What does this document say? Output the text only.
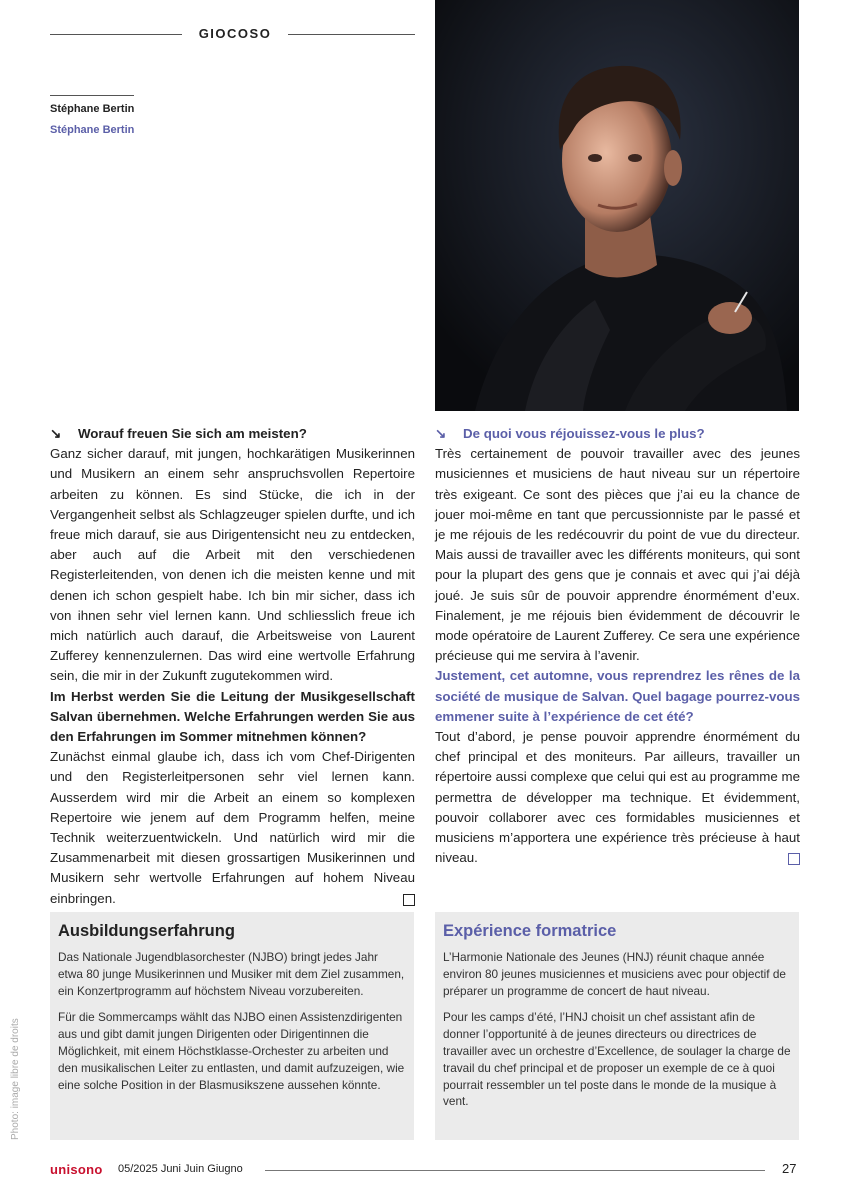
GIOCOSO
Stéphane Bertin
Stéphane Bertin

↘ Worauf freuen Sie sich am meisten?

Ganz sicher darauf, mit jungen, hochkarätigen Musikerinnen und Musikern an einem sehr anspruchsvollen Repertoire arbeiten zu können. Es sind Stücke, die ich in der Vergangenheit selbst als Schlagzeuger spielen durfte, und ich freue mich darauf, sie aus Dirigentensicht neu zu entdecken, aber auch auf die Arbeit mit den verschiedenen Registerleitenden, von denen ich die meisten kenne und mit denen ich schon gespielt habe. Ich bin mir sicher, dass ich von ihnen sehr viel lernen kann. Und schliesslich freue ich mich natürlich auch darauf, die Arbeitsweise von Laurent Zufferey kennenzulernen. Das wird eine wertvolle Erfahrung sein, die mir in der Zukunft zugutekommen wird.

Im Herbst werden Sie die Leitung der Musikgesellschaft Salvan übernehmen. Welche Erfahrungen werden Sie aus den Erfahrungen im Sommer mitnehmen können?

Zunächst einmal glaube ich, dass ich vom Chef-Dirigenten und den Registerleitpersonen sehr viel lernen kann. Ausserdem wird mir die Arbeit an einem so komplexen Repertoire wie jenem auf dem Programm helfen, meine Technik weiterzuentwickeln. Und natürlich wird mir die Zusammenarbeit mit diesen grossartigen Musikerinnen und Musikern sehr wertvolle Erfahrungen auf hohem Niveau einbringen.

↘ De quoi vous réjouissez-vous le plus?

Très certainement de pouvoir travailler avec des jeunes musiciennes et musiciens de haut niveau sur un répertoire très exigeant. Ce sont des pièces que j’ai eu la chance de jouer moi-même en tant que percussionniste par le passé et je me réjouis de les redécouvrir du point de vue du directeur. Mais aussi de travailler avec les différents moniteurs, qui sont pour la plupart des gens que je connais et avec qui j’ai déjà joué. Je suis sûr de pouvoir apprendre énormément d’eux. Finalement, je me réjouis bien évidemment de découvrir le mode opératoire de Laurent Zufferey. Ce sera une expérience précieuse qui me servira à l’avenir.

Justement, cet automne, vous reprendrez les rênes de la société de musique de Salvan. Quel bagage pourrez-vous emmener suite à l’expérience de cet été?

Tout d’abord, je pense pouvoir apprendre énormément du chef principal et des moniteurs. Par ailleurs, travailler un répertoire aussi complexe que celui qui est au programme me permettra de développer ma technique. Et évidemment, pouvoir collaborer avec ces formidables musiciennes et musiciens m’apportera une expérience très précieuse à haut niveau.

Ausbildungserfahrung

Das Nationale Jugendblasorchester (NJBO) bringt jedes Jahr etwa 80 junge Musikerinnen und Musiker mit dem Ziel zusammen, ein Konzertprogramm auf höchstem Niveau vorzubereiten.

Für die Sommercamps wählt das NJBO einen Assistenzdirigenten aus und gibt damit jungen Dirigenten oder Dirigentinnen die Möglichkeit, mit einem Höchstklasse-Orchester zu arbeiten und den musikalischen Leiter zu entlasten, und damit aufzuzeigen, wie eine solche Position in der Blasmusikszene aussehen könnte.

Expérience formatrice

L’Harmonie Nationale des Jeunes (HNJ) réunit chaque année environ 80 jeunes musiciennes et musiciens avec pour objectif de préparer un programme de concert de haut niveau.

Pour les camps d’été, l’HNJ choisit un chef assistant afin de donner l’opportunité à de jeunes directeurs ou directrices de travailler avec un orchestre d’Excellence, de soulager la charge de travail du chef principal et de proposer un exemple de ce à quoi pourrait ressembler un tel poste dans le monde de la musique à vent.

Photo: image libre de droits
unisono 05/2025 Juni Juin Giugno	27
